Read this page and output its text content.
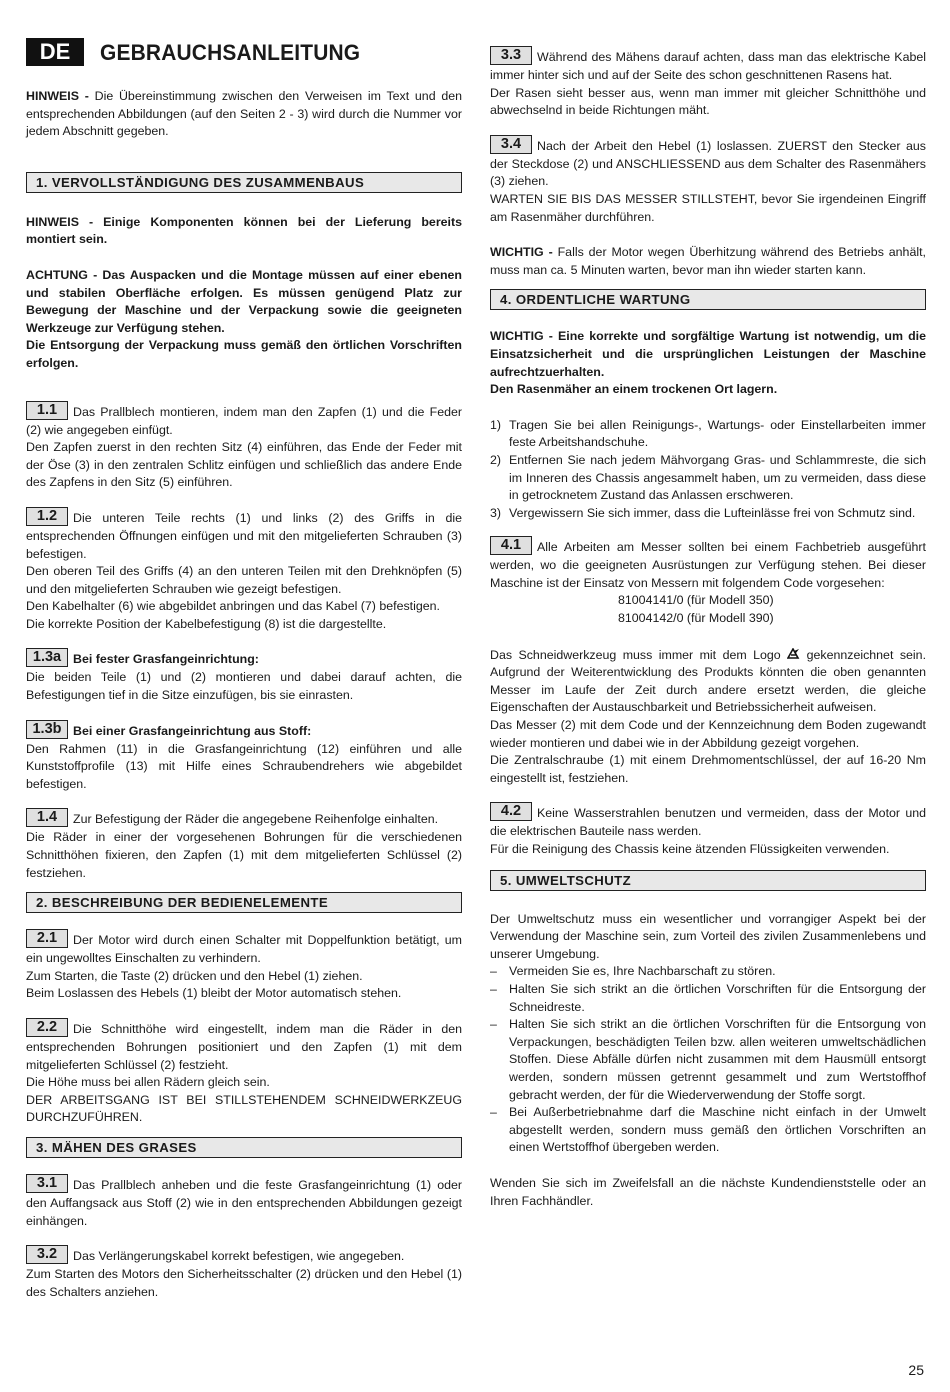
DE	GEBRAUCHSANLEITUNG

HINWEIS - Die Übereinstimmung zwischen den Verweisen im Text und den entsprechenden Abbildungen (auf den Seiten 2 - 3) wird durch die Nummer vor jedem Abschnitt gegeben.

1. VERVOLLSTÄNDIGUNG DES ZUSAMMENBAUS

HINWEIS - Einige Komponenten können bei der Lieferung bereits montiert sein.

ACHTUNG - Das Auspacken und die Montage müssen auf einer ebenen und stabilen Oberfläche erfolgen. Es müssen genügend Platz zur Bewegung der Maschine und der Verpackung sowie die geeigneten Werkzeuge zur Verfügung stehen.

Die Entsorgung der Verpackung muss gemäß den örtlichen Vorschriften erfolgen.

1.1 Das Prallblech montieren, indem man den Zapfen (1) und die Feder (2) wie angegeben einfügt.

Den Zapfen zuerst in den rechten Sitz (4) einführen, das Ende der Feder mit der Öse (3) in den zentralen Schlitz einfügen und schließlich das andere Ende des Zapfens in den Sitz (5) einführen.

1.2 Die unteren Teile rechts (1) und links (2) des Griffs in die entsprechenden Öffnungen einfügen und mit den mitgelieferten Schrauben (3) befestigen.

Den oberen Teil des Griffs (4) an den unteren Teilen mit den Drehknöpfen (5) und den mitgelieferten Schrauben wie gezeigt befestigen.

Den Kabelhalter (6) wie abgebildet anbringen und das Kabel (7) befestigen.

Die korrekte Position der Kabelbefestigung (8) ist die dargestellte.

1.3a Bei fester Grasfangeinrichtung:

Die beiden Teile (1) und (2) montieren und dabei darauf achten, die Befestigungen tief in die Sitze einzufügen, bis sie einrasten.

1.3b Bei einer Grasfangeinrichtung aus Stoff:

Den Rahmen (11) in die Grasfangeinrichtung (12) einführen und alle Kunststoffprofile (13) mit Hilfe eines Schraubendrehers wie abgebildet befestigen.

1.4 Zur Befestigung der Räder die angegebene Reihenfolge einhalten.

Die Räder in einer der vorgesehenen Bohrungen für die verschiedenen Schnitthöhen fixieren, den Zapfen (1) mit dem mitgelieferten Schlüssel (2) festziehen.

2. BESCHREIBUNG DER BEDIENELEMENTE

2.1 Der Motor wird durch einen Schalter mit Doppelfunktion betätigt, um ein ungewolltes Einschalten zu verhindern.

Zum Starten, die Taste (2) drücken und den Hebel (1) ziehen.

Beim Loslassen des Hebels (1) bleibt der Motor automatisch stehen.

2.2 Die Schnitthöhe wird eingestellt, indem man die Räder in den entsprechenden Bohrungen positioniert und den Zapfen (1) mit dem mitgelieferten Schlüssel (2) festzieht.

Die Höhe muss bei allen Rädern gleich sein.

DER ARBEITSGANG IST BEI STILLSTEHENDEM SCHNEIDWERKZEUG DURCHZUFÜHREN.

3. MÄHEN DES GRASES

3.1 Das Prallblech anheben und die feste Grasfangeinrichtung (1) oder den Auffangsack aus Stoff (2) wie in den entsprechenden Abbildungen gezeigt einhängen.

3.2 Das Verlängerungskabel korrekt befestigen, wie angegeben.

Zum Starten des Motors den Sicherheitsschalter (2) drücken und den Hebel (1) des Schalters anziehen.

3.3 Während des Mähens darauf achten, dass man das elektrische Kabel immer hinter sich und auf der Seite des schon geschnittenen Rasens hat.

Der Rasen sieht besser aus, wenn man immer mit gleicher Schnitthöhe und abwechselnd in beide Richtungen mäht.

3.4 Nach der Arbeit den Hebel (1) loslassen. ZUERST den Stecker aus der Steckdose (2) und ANSCHLIESSEND aus dem Schalter des Rasenmähers (3) ziehen.

WARTEN SIE BIS DAS MESSER STILLSTEHT, bevor Sie irgendeinen Eingriff am Rasenmäher durchführen.

WICHTIG - Falls der Motor wegen Überhitzung während des Betriebs anhält, muss man ca. 5 Minuten warten, bevor man ihn wieder starten kann.

4. ORDENTLICHE WARTUNG

WICHTIG - Eine korrekte und sorgfältige Wartung ist notwendig, um die Einsatzsicherheit und die ursprünglichen Leistungen der Maschine aufrechtzuerhalten.

Den Rasenmäher an einem trockenen Ort lagern.

1) Tragen Sie bei allen Reinigungs-, Wartungs- oder Einstellarbeiten immer feste Arbeitshandschuhe.
2) Entfernen Sie nach jedem Mähvorgang Gras- und Schlammreste, die sich im Inneren des Chassis angesammelt haben, um zu vermeiden, dass diese in getrocknetem Zustand das Anlassen erschweren.
3) Vergewissern Sie sich immer, dass die Lufteinlässe frei von Schmutz sind.

4.1 Alle Arbeiten am Messer sollten bei einem Fachbetrieb ausgeführt werden, wo die geeigneten Ausrüstungen zur Verfügung stehen. Bei dieser Maschine ist der Einsatz von Messern mit folgendem Code vorgesehen:

81004141/0 (für Modell 350)

81004142/0 (für Modell 390)

Das Schneidwerkzeug muss immer mit dem Logo gekennzeichnet sein. Aufgrund der Weiterentwicklung des Produkts könnten die oben genannten Messer im Laufe der Zeit durch andere ersetzt werden, die gleiche Eigenschaften der Austauschbarkeit und Betriebssicherheit aufweisen.

Das Messer (2) mit dem Code und der Kennzeichnung dem Boden zugewandt wieder montieren und dabei wie in der Abbildung gezeigt vorgehen.

Die Zentralschraube (1) mit einem Drehmomentschlüssel, der auf 16-20 Nm eingestellt ist, festziehen.

4.2 Keine Wasserstrahlen benutzen und vermeiden, dass der Motor und die elektrischen Bauteile nass werden.

Für die Reinigung des Chassis keine ätzenden Flüssigkeiten verwenden.

5. UMWELTSCHUTZ

Der Umweltschutz muss ein wesentlicher und vorrangiger Aspekt bei der Verwendung der Maschine sein, zum Vorteil des zivilen Zusammenlebens und unserer Umgebung.

– Vermeiden Sie es, Ihre Nachbarschaft zu stören.
– Halten Sie sich strikt an die örtlichen Vorschriften für die Entsorgung der Schneidreste.
– Halten Sie sich strikt an die örtlichen Vorschriften für die Entsorgung von Verpackungen, beschädigten Teilen bzw. allen weiteren umweltschädlichen Stoffen. Diese Abfälle dürfen nicht zusammen mit dem Hausmüll entsorgt werden, sondern müssen getrennt gesammelt und zum Wertstoffhof gebracht werden, der für die Wiederverwendung der Stoffe sorgt.
– Bei Außerbetriebnahme darf die Maschine nicht einfach in der Umwelt abgestellt werden, sondern muss gemäß den örtlichen Vorschriften an einen Wertstoffhof übergeben werden.

Wenden Sie sich im Zweifelsfall an die nächste Kundendienststelle oder an Ihren Fachhändler.

25
